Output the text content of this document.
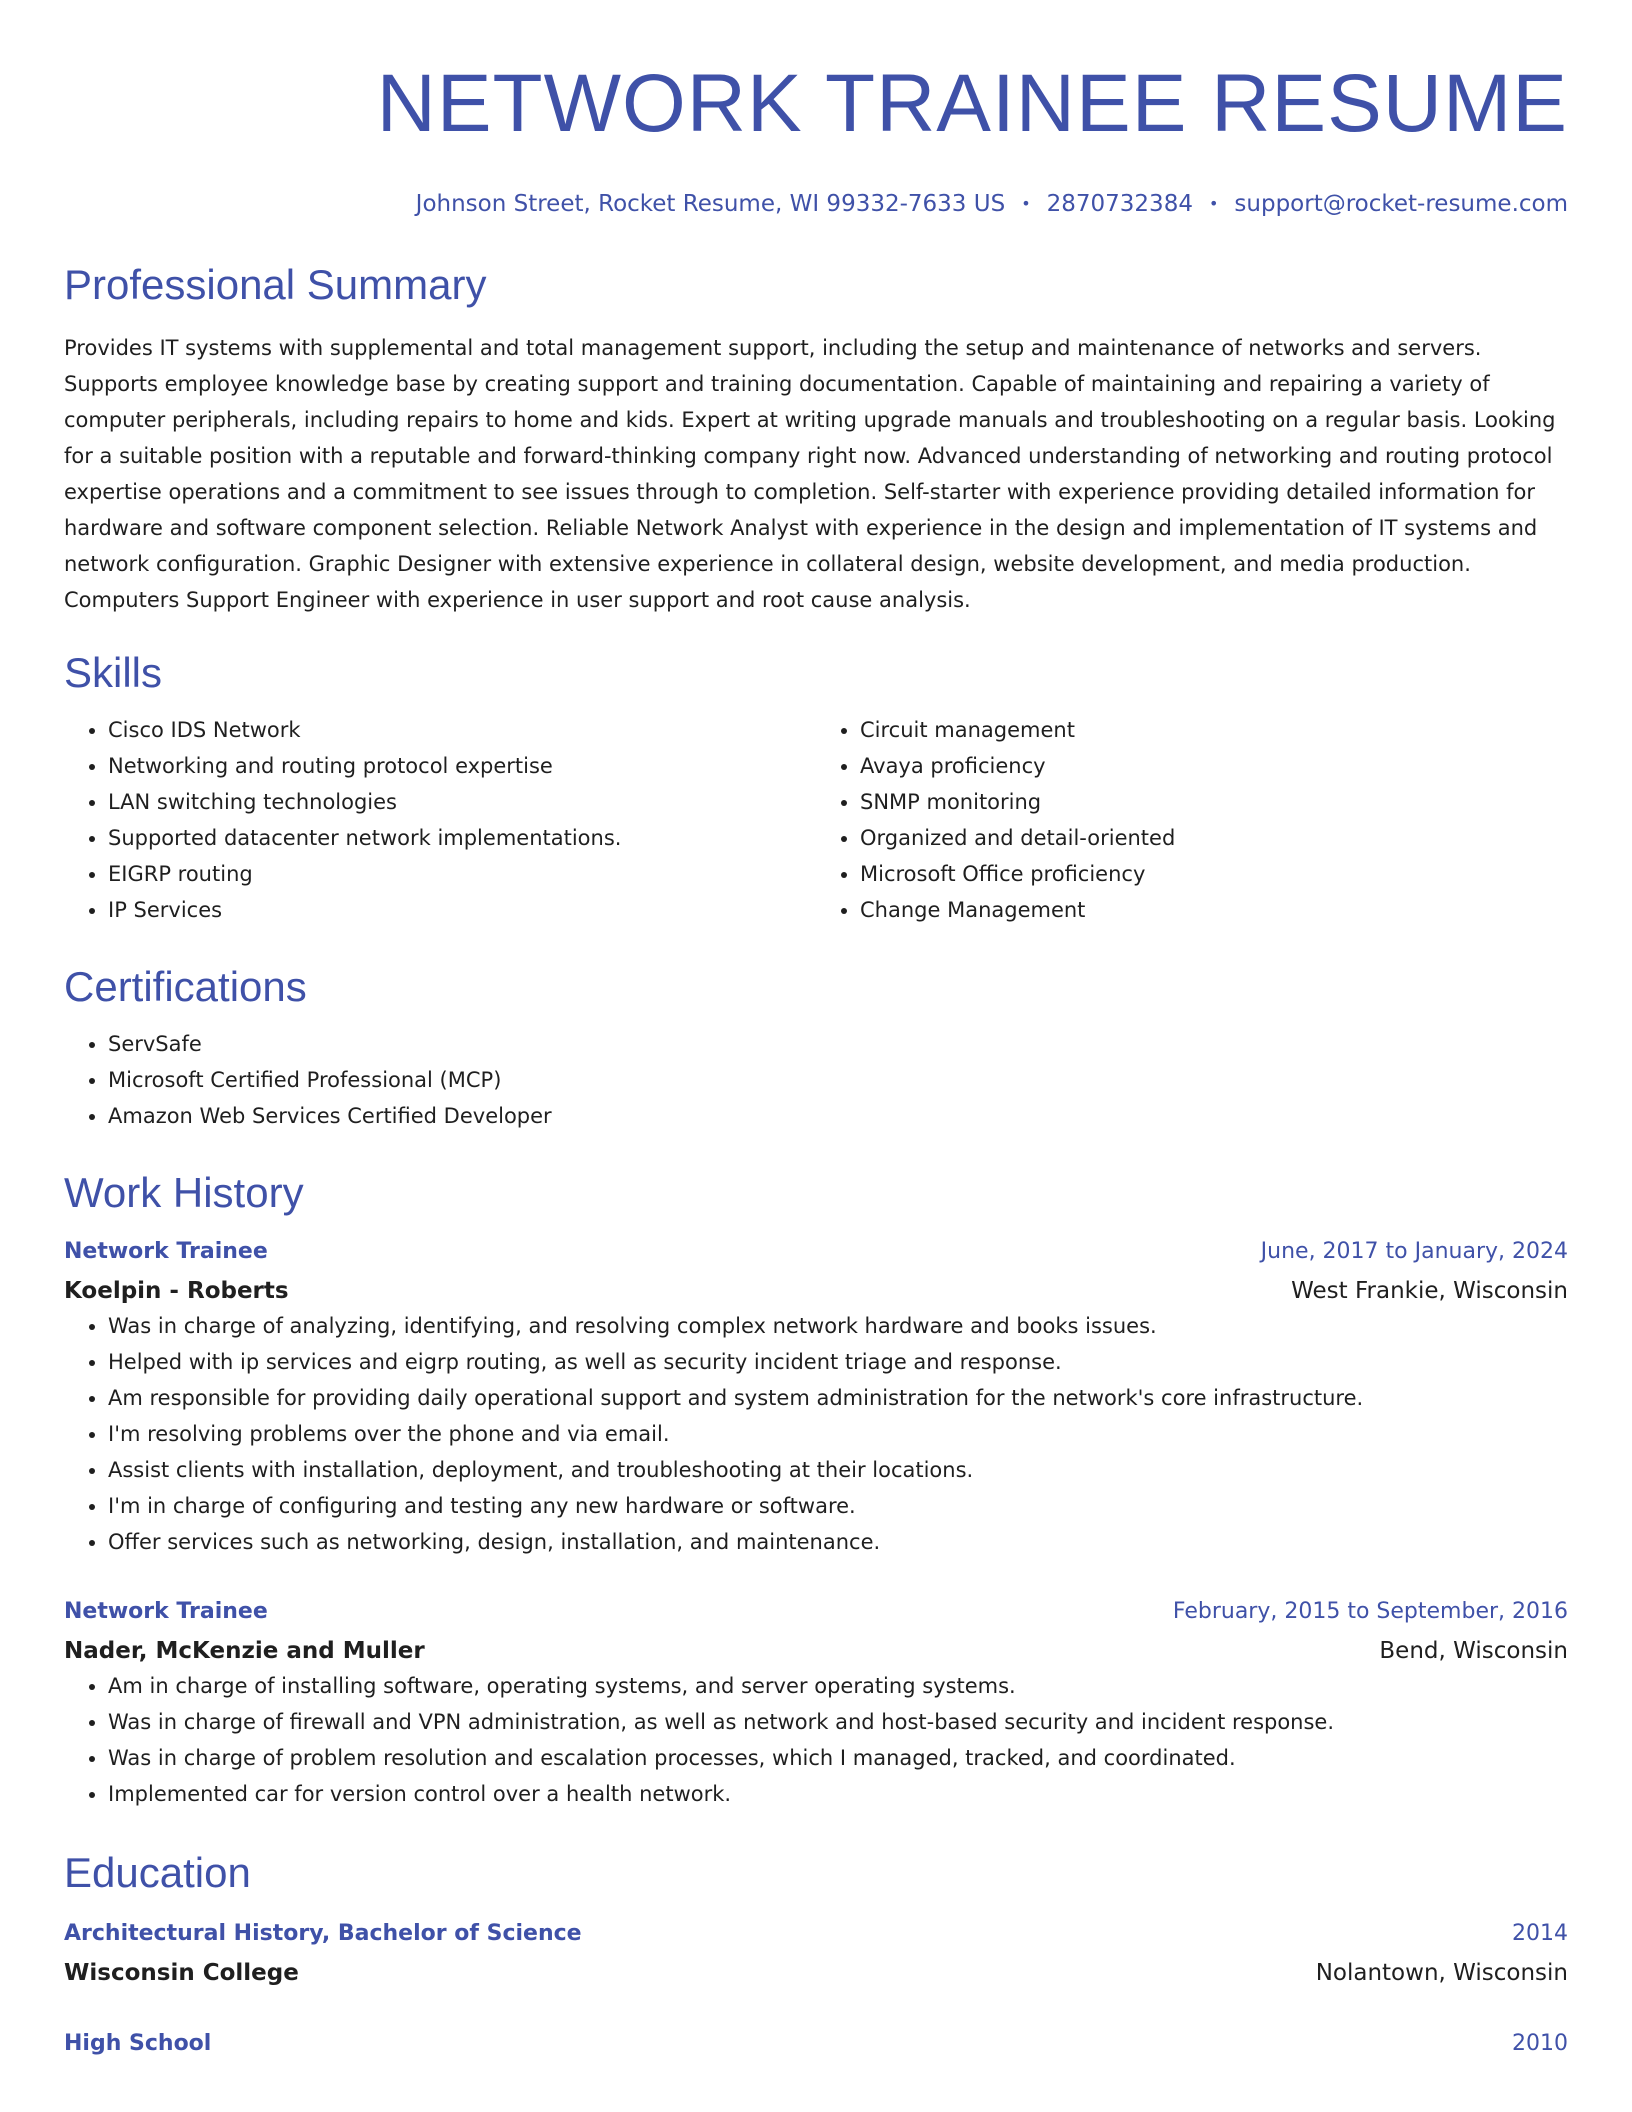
NETWORK TRAINEE RESUME
Johnson Street, Rocket Resume, WI 99332-7633 US • 2870732384 • support@rocket-resume.com
Professional Summary

Provides IT systems with supplemental and total management support, including the setup and maintenance of networks and servers. Supports employee knowledge base by creating support and training documentation. Capable of maintaining and repairing a variety of computer peripherals, including repairs to home and kids. Expert at writing upgrade manuals and troubleshooting on a regular basis. Looking for a suitable position with a reputable and forward-thinking company right now. Advanced understanding of networking and routing protocol expertise operations and a commitment to see issues through to completion. Self-starter with experience providing detailed information for hardware and software component selection. Reliable Network Analyst with experience in the design and implementation of IT systems and network configuration. Graphic Designer with extensive experience in collateral design, website development, and media production. Computers Support Engineer with experience in user support and root cause analysis.

Skills
• Cisco IDS Network
• Networking and routing protocol expertise
• LAN switching technologies
• Supported datacenter network implementations.
• EIGRP routing
• IP Services
• Circuit management
• Avaya proficiency
• SNMP monitoring
• Organized and detail-oriented
• Microsoft Office proficiency
• Change Management
Certifications
• ServSafe
• Microsoft Certified Professional (MCP)
• Amazon Web Services Certified Developer
Work History
Network Trainee	June, 2017 to January, 2024
Koelpin - Roberts	West Frankie, Wisconsin
• Was in charge of analyzing, identifying, and resolving complex network hardware and books issues.
• Helped with ip services and eigrp routing, as well as security incident triage and response.
• Am responsible for providing daily operational support and system administration for the network's core infrastructure.
• I'm resolving problems over the phone and via email.
• Assist clients with installation, deployment, and troubleshooting at their locations.
• I'm in charge of configuring and testing any new hardware or software.
• Offer services such as networking, design, installation, and maintenance.
Network Trainee	February, 2015 to September, 2016
Nader, McKenzie and Muller	Bend, Wisconsin
• Am in charge of installing software, operating systems, and server operating systems.
• Was in charge of firewall and VPN administration, as well as network and host-based security and incident response.
• Was in charge of problem resolution and escalation processes, which I managed, tracked, and coordinated.
• Implemented car for version control over a health network.
Education
Architectural History, Bachelor of Science	2014
Wisconsin College	Nolantown, Wisconsin
High School	2010
